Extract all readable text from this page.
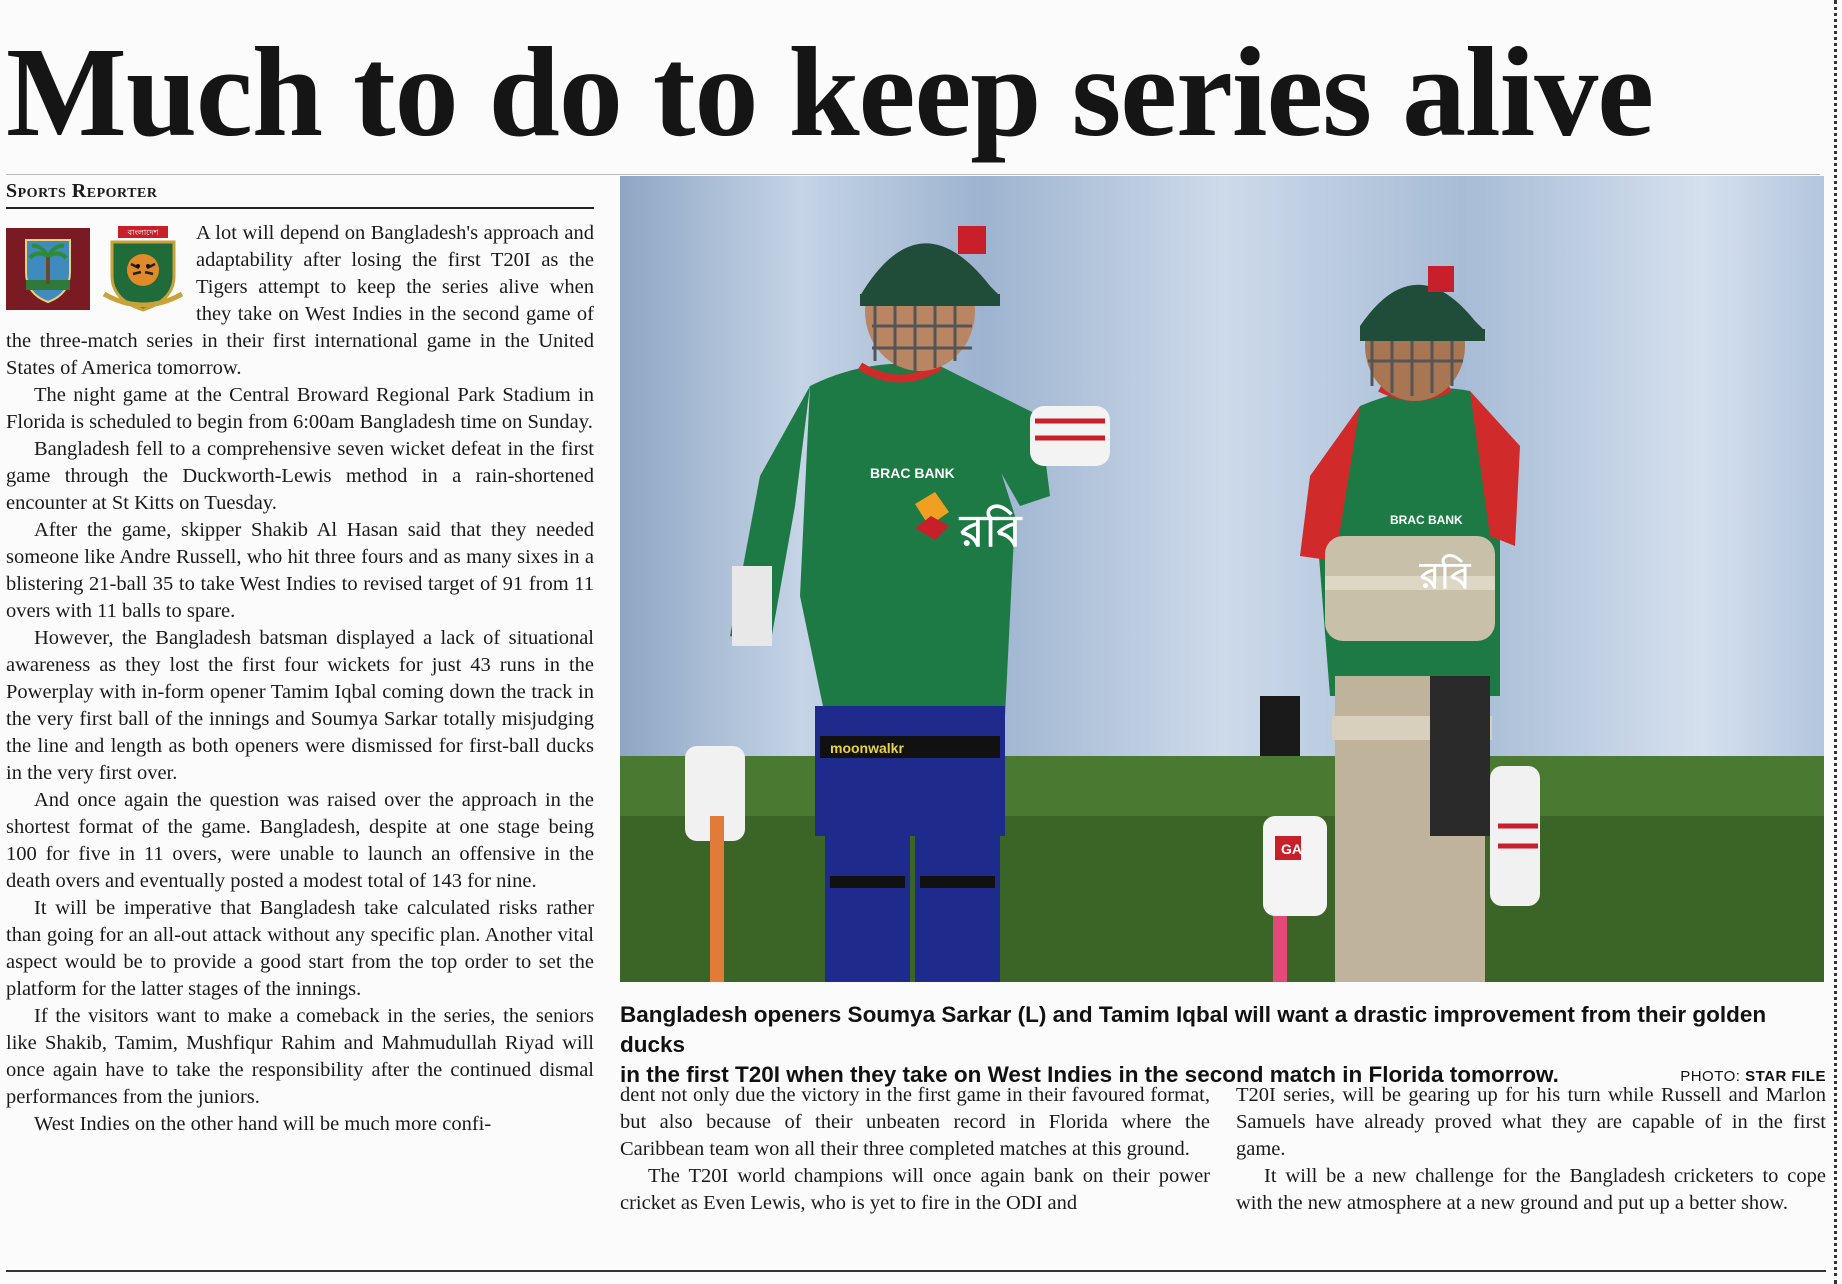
Much to do to keep series alive
Sports Reporter
বাংলাদেশ	A lot will depend on Bangladesh's approach and adaptability after losing the first T20I as the Tigers attempt to keep the series alive when they take on West Indies in the second game of the three-match series in their first international game in the United States of America tomorrow.

The night game at the Central Broward Regional Park Stadium in Florida is scheduled to begin from 6:00am Bangladesh time on Sunday.

Bangladesh fell to a comprehensive seven wicket defeat in the first game through the Duckworth-Lewis method in a rain-shortened encounter at St Kitts on Tuesday.

After the game, skipper Shakib Al Hasan said that they needed someone like Andre Russell, who hit three fours and as many sixes in a blistering 21-ball 35 to take West Indies to revised target of 91 from 11 overs with 11 balls to spare.

However, the Bangladesh batsman displayed a lack of situational awareness as they lost the first four wickets for just 43 runs in the Powerplay with in-form opener Tamim Iqbal coming down the track in the very first ball of the innings and Soumya Sarkar totally misjudging the line and length as both openers were dismissed for first-ball ducks in the very first over.

And once again the question was raised over the approach in the shortest format of the game. Bangladesh, despite at one stage being 100 for five in 11 overs, were unable to launch an offensive in the death overs and eventually posted a modest total of 143 for nine.

It will be imperative that Bangladesh take calculated risks rather than going for an all-out attack without any specific plan. Another vital aspect would be to provide a good start from the top order to set the platform for the latter stages of the innings.

If the visitors want to make a comeback in the series, the seniors like Shakib, Tamim, Mushfiqur Rahim and Mahmudullah Riyad will once again have to take the responsibility after the continued dismal performances from the juniors.

West Indies on the other hand will be much more confi-

BRAC BANK
BRAC BANK
রবি
রবি
moonwalkr
GA
Bangladesh openers Soumya Sarkar (L) and Tamim Iqbal will want a drastic improvement from their golden ducks
in the first T20I when they take on West Indies in the second match in Florida tomorrow.	PHOTO: STAR FILE

dent not only due the victory in the first game in their favoured format, but also because of their unbeaten record in Florida where the Caribbean team won all their three completed matches at this ground.

The T20I world champions will once again bank on their power cricket as Even Lewis, who is yet to fire in the ODI and

T20I series, will be gearing up for his turn while Russell and Marlon Samuels have already proved what they are capable of in the first game.

It will be a new challenge for the Bangladesh cricketers to cope with the new atmosphere at a new ground and put up a better show.
